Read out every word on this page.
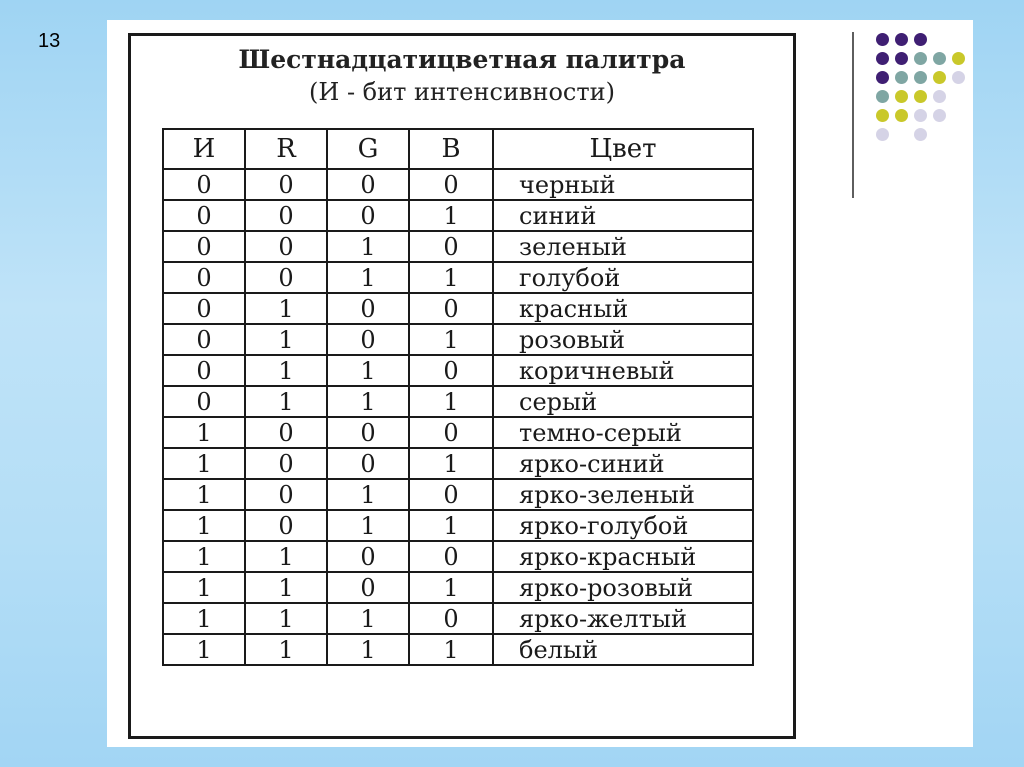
13
Шестнадцатицветная палитра
(И - бит интенсивности)
И	R	G	B	Цвет
0	0	0	0	черный
0	0	0	1	синий
0	0	1	0	зеленый
0	0	1	1	голубой
0	1	0	0	красный
0	1	0	1	розовый
0	1	1	0	коричневый
0	1	1	1	серый
1	0	0	0	темно-серый
1	0	0	1	ярко-синий
1	0	1	0	ярко-зеленый
1	0	1	1	ярко-голубой
1	1	0	0	ярко-красный
1	1	0	1	ярко-розовый
1	1	1	0	ярко-желтый
1	1	1	1	белый
